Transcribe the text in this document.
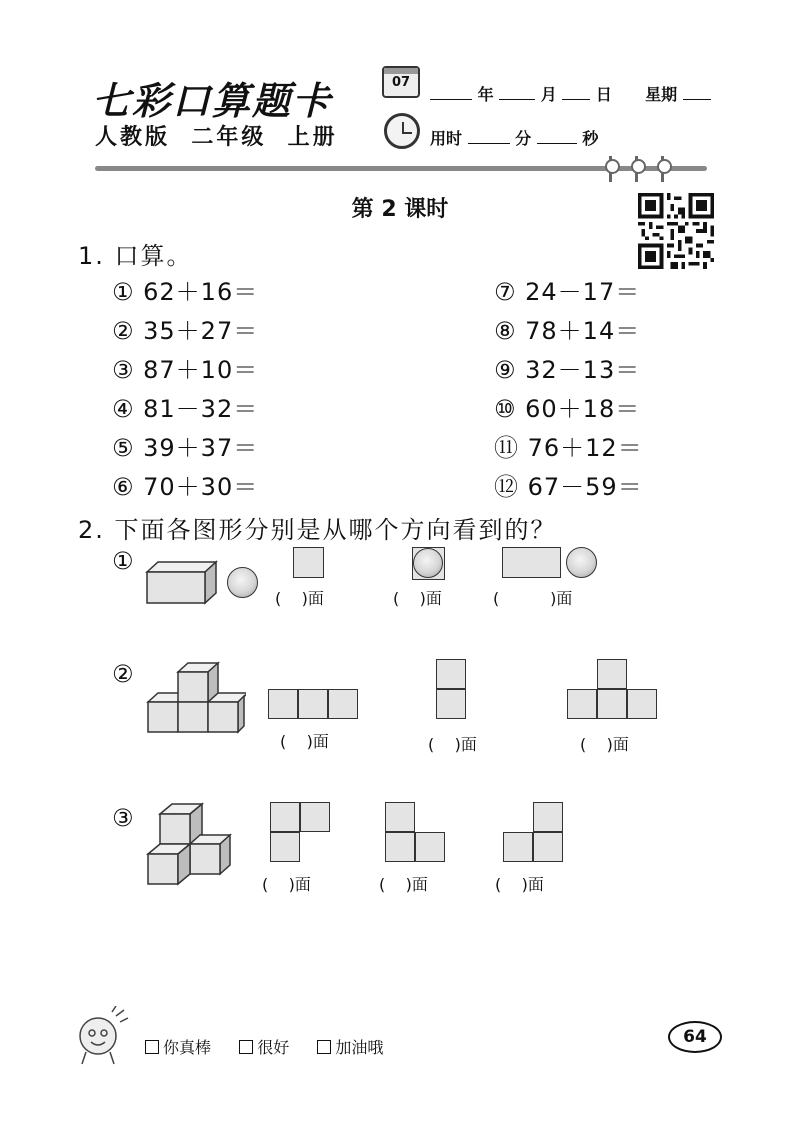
七彩口算题卡
人教版  二年级  上册
07
年	月 日 星期
用时	分	秒
第 2 课时
1. 口算。
① 62＋16＝
② 35＋27＝
③ 87＋10＝
④ 81－32＝
⑤ 39＋37＝
⑥ 70＋30＝
⑦ 24－17＝
⑧ 78＋14＝
⑨ 32－13＝
⑩ 60＋18＝
⑪ 76＋12＝
⑫ 67－59＝
2. 下面各图形分别是从哪个方向看到的？
①
(    )面	(    )面	(          )面
②
(    )面	(    )面	(    )面
③
(    )面	(    )面	(    )面
你真棒	很好	加油哦
64
